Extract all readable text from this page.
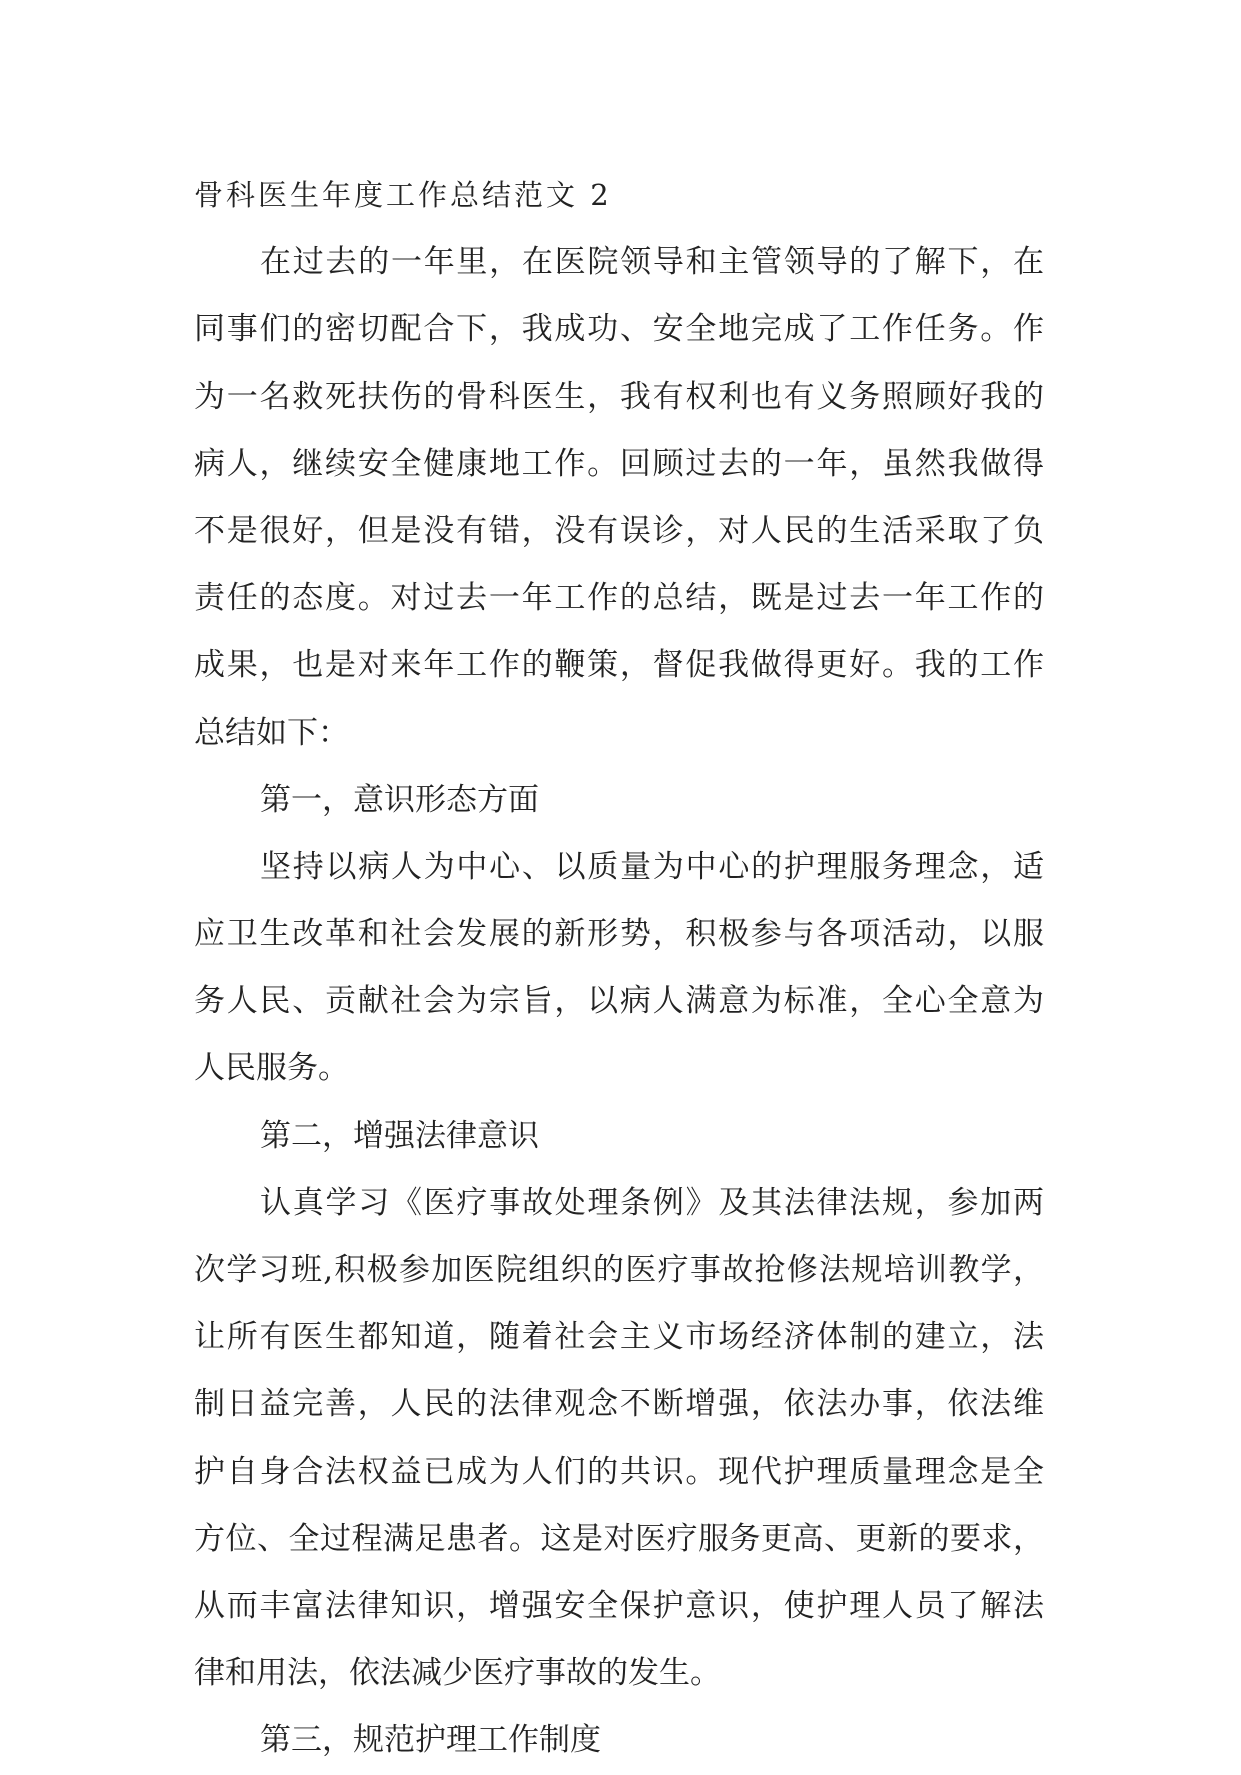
骨科医生年度工作总结范文 2
在过去的一年里，在医院领导和主管领导的了解下，在
同事们的密切配合下，我成功、安全地完成了工作任务。作
为一名救死扶伤的骨科医生，我有权利也有义务照顾好我的
病人，继续安全健康地工作。回顾过去的一年，虽然我做得
不是很好，但是没有错，没有误诊，对人民的生活采取了负
责任的态度。对过去一年工作的总结，既是过去一年工作的
成果，也是对来年工作的鞭策，督促我做得更好。我的工作
总结如下：
第一，意识形态方面
坚持以病人为中心、以质量为中心的护理服务理念，适
应卫生改革和社会发展的新形势，积极参与各项活动，以服
务人民、贡献社会为宗旨，以病人满意为标准，全心全意为
人民服务。
第二，增强法律意识
认真学习《医疗事故处理条例》及其法律法规，参加两
次学习班,积极参加医院组织的医疗事故抢修法规培训教学，
让所有医生都知道，随着社会主义市场经济体制的建立，法
制日益完善，人民的法律观念不断增强，依法办事，依法维
护自身合法权益已成为人们的共识。现代护理质量理念是全
方位、全过程满足患者。这是对医疗服务更高、更新的要求，
从而丰富法律知识，增强安全保护意识，使护理人员了解法
律和用法，依法减少医疗事故的发生。
第三，规范护理工作制度
